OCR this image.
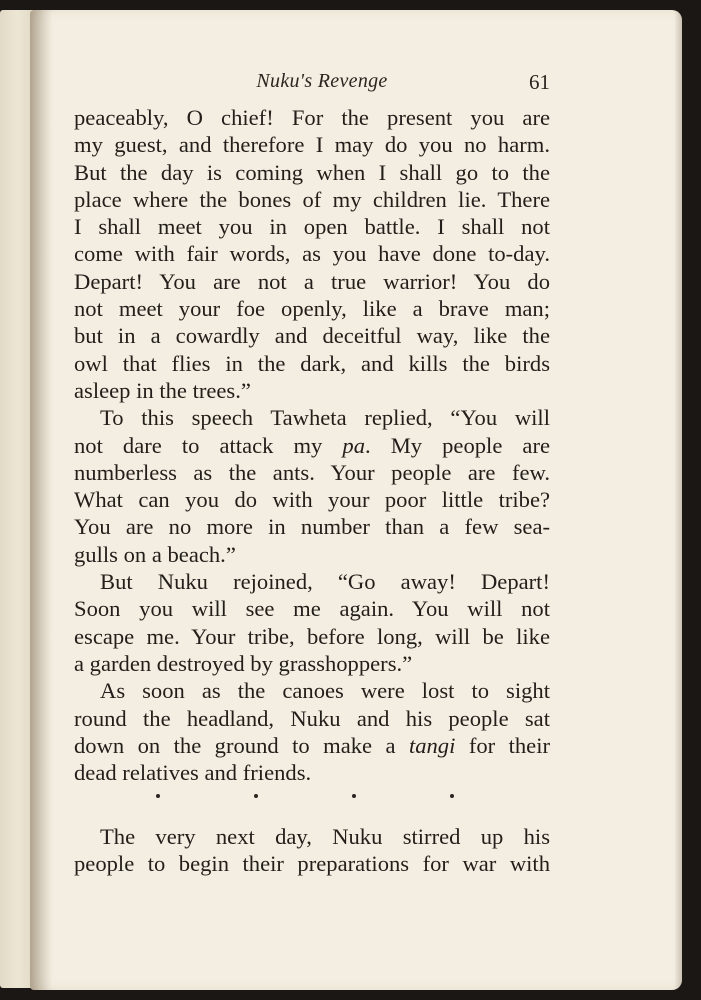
Nuku's Revenge	61
peaceably, O chief! For the present you are
my guest, and therefore I may do you no harm.
But the day is coming when I shall go to the
place where the bones of my children lie. There
I shall meet you in open battle. I shall not
come with fair words, as you have done to-day.
Depart! You are not a true warrior! You do
not meet your foe openly, like a brave man;
but in a cowardly and deceitful way, like the
owl that flies in the dark, and kills the birds
asleep in the trees.”
To this speech Tawheta replied, “You will
not dare to attack my pa. My people are
numberless as the ants. Your people are few.
What can you do with your poor little tribe?
You are no more in number than a few sea-
gulls on a beach.”
But Nuku rejoined, “Go away! Depart!
Soon you will see me again. You will not
escape me. Your tribe, before long, will be like
a garden destroyed by grasshoppers.”
As soon as the canoes were lost to sight
round the headland, Nuku and his people sat
down on the ground to make a tangi for their
dead relatives and friends.
The very next day, Nuku stirred up his
people to begin their preparations for war with
